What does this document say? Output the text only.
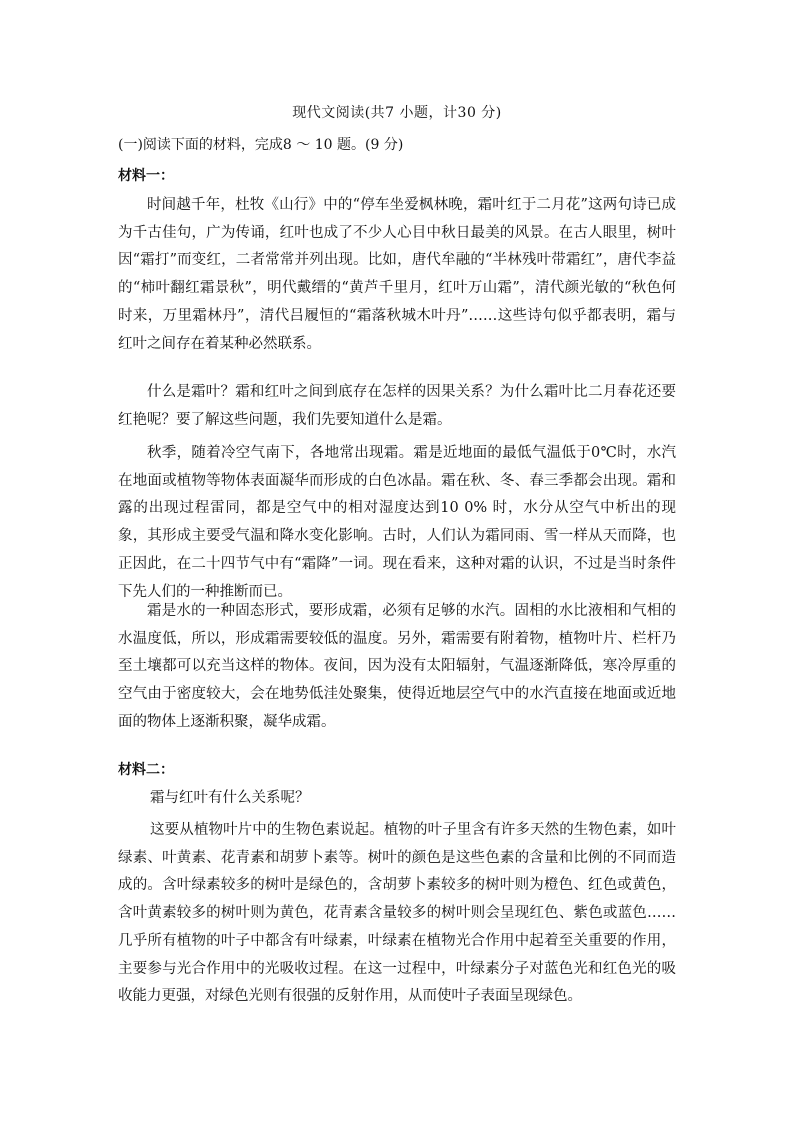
现代文阅读(共7 小题，计30 分)
(一)阅读下面的材料，完成8 ～ 10 题。(9 分)
材料一：

时间越千年，杜牧《山行》中的“停车坐爱枫林晚，霜叶红于二月花”这两句诗已成为千古佳句，广为传诵，红叶也成了不少人心目中秋日最美的风景。在古人眼里，树叶因“霜打”而变红，二者常常并列出现。比如，唐代牟融的“半林残叶带霜红”，唐代李益的“柿叶翻红霜景秋”，明代戴缙的“黄芦千里月，红叶万山霜”，清代颜光敏的“秋色何时来，万里霜林丹”，清代吕履恒的“霜落秋城木叶丹”……这些诗句似乎都表明，霜与红叶之间存在着某种必然联系。

什么是霜叶？霜和红叶之间到底存在怎样的因果关系？为什么霜叶比二月春花还要红艳呢？要了解这些问题，我们先要知道什么是霜。

秋季，随着冷空气南下，各地常出现霜。霜是近地面的最低气温低于0℃时，水汽在地面或植物等物体表面凝华而形成的白色冰晶。霜在秋、冬、春三季都会出现。霜和露的出现过程雷同，都是空气中的相对湿度达到10 0% 时，水分从空气中析出的现象，其形成主要受气温和降水变化影响。古时，人们认为霜同雨、雪一样从天而降，也正因此，在二十四节气中有“霜降”一词。现在看来，这种对霜的认识，不过是当时条件下先人们的一种推断而已。

霜是水的一种固态形式，要形成霜，必须有足够的水汽。固相的水比液相和气相的水温度低，所以，形成霜需要较低的温度。另外，霜需要有附着物，植物叶片、栏杆乃至土壤都可以充当这样的物体。夜间，因为没有太阳辐射，气温逐渐降低，寒冷厚重的空气由于密度较大，会在地势低洼处聚集，使得近地层空气中的水汽直接在地面或近地面的物体上逐渐积聚，凝华成霜。

材料二：

霜与红叶有什么关系呢？

这要从植物叶片中的生物色素说起。植物的叶子里含有许多天然的生物色素，如叶绿素、叶黄素、花青素和胡萝卜素等。树叶的颜色是这些色素的含量和比例的不同而造成的。含叶绿素较多的树叶是绿色的，含胡萝卜素较多的树叶则为橙色、红色或黄色，含叶黄素较多的树叶则为黄色，花青素含量较多的树叶则会呈现红色、紫色或蓝色……几乎所有植物的叶子中都含有叶绿素，叶绿素在植物光合作用中起着至关重要的作用，主要参与光合作用中的光吸收过程。在这一过程中，叶绿素分子对蓝色光和红色光的吸收能力更强，对绿色光则有很强的反射作用，从而使叶子表面呈现绿色。
